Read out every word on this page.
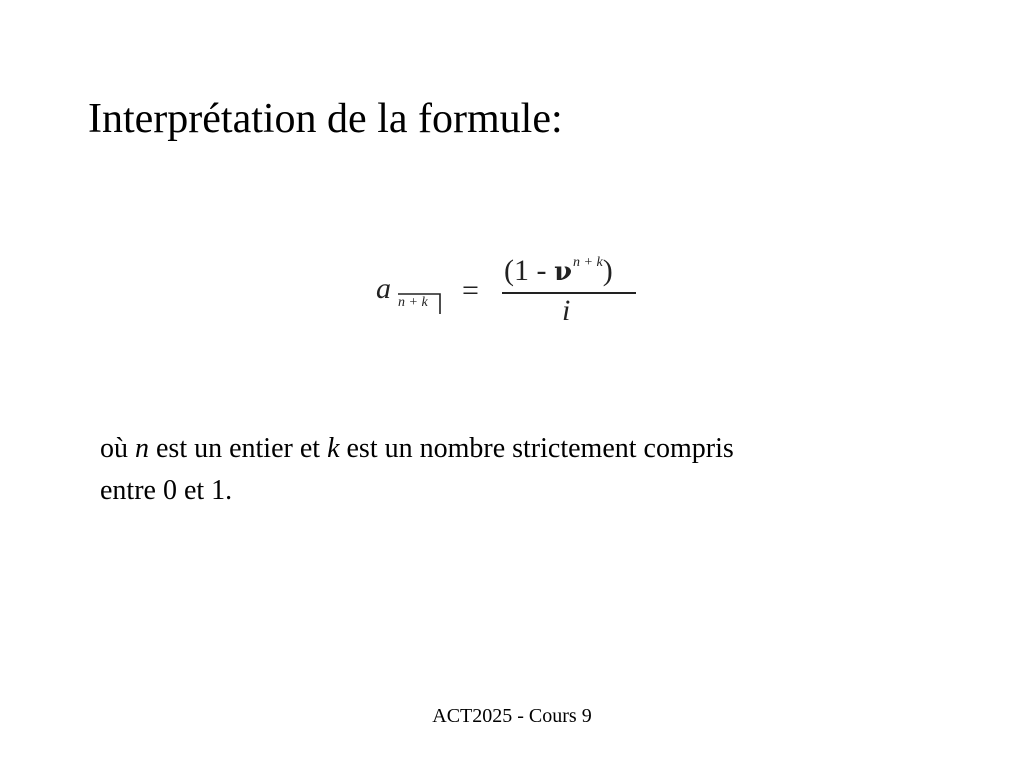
Interprétation de la formule:
a n + k =
$(1 - \nu^{n + k})$
i
où n est un entier et k est un nombre strictement compris
entre 0 et 1.
ACT2025 - Cours 9
